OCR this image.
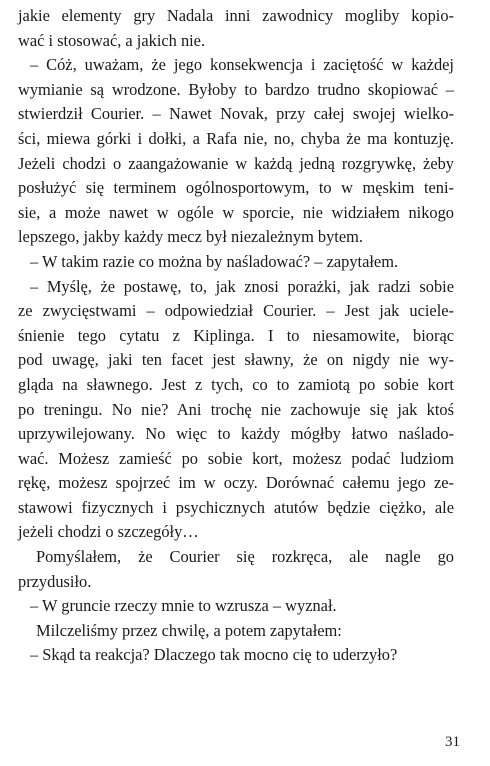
jakie elementy gry Nadala inni zawodnicy mogliby kopio-
wać i stosować, a jakich nie.
– Cóż, uważam, że jego konsekwencja i zaciętość w każdej
wymianie są wrodzone. Byłoby to bardzo trudno skopiować –
stwierdził Courier. – Nawet Novak, przy całej swojej wielko-
ści, miewa górki i dołki, a Rafa nie, no, chyba że ma kontuzję.
Jeżeli chodzi o zaangażowanie w każdą jedną rozgrywkę, żeby
posłużyć się terminem ogólnosportowym, to w męskim teni-
sie, a może nawet w ogóle w sporcie, nie widziałem nikogo
lepszego, jakby każdy mecz był niezależnym bytem.
– W takim razie co można by naśladować? – zapytałem.
– Myślę, że postawę, to, jak znosi porażki, jak radzi sobie
ze zwycięstwami – odpowiedział Courier. – Jest jak uciele-
śnienie tego cytatu z Kiplinga. I to niesamowite, biorąc
pod uwagę, jaki ten facet jest sławny, że on nigdy nie wy-
gląda na sławnego. Jest z tych, co to zamiotą po sobie kort
po treningu. No nie? Ani trochę nie zachowuje się jak ktoś
uprzywilejowany. No więc to każdy mógłby łatwo naślado-
wać. Możesz zamieść po sobie kort, możesz podać ludziom
rękę, możesz spojrzeć im w oczy. Dorównać całemu jego ze-
stawowi fizycznych i psychicznych atutów będzie ciężko, ale
jeżeli chodzi o szczegóły…
Pomyślałem, że Courier się rozkręca, ale nagle go
przydusiło.
– W gruncie rzeczy mnie to wzrusza – wyznał.
Milczeliśmy przez chwilę, a potem zapytałem:
– Skąd ta reakcja? Dlaczego tak mocno cię to uderzyło?
31
